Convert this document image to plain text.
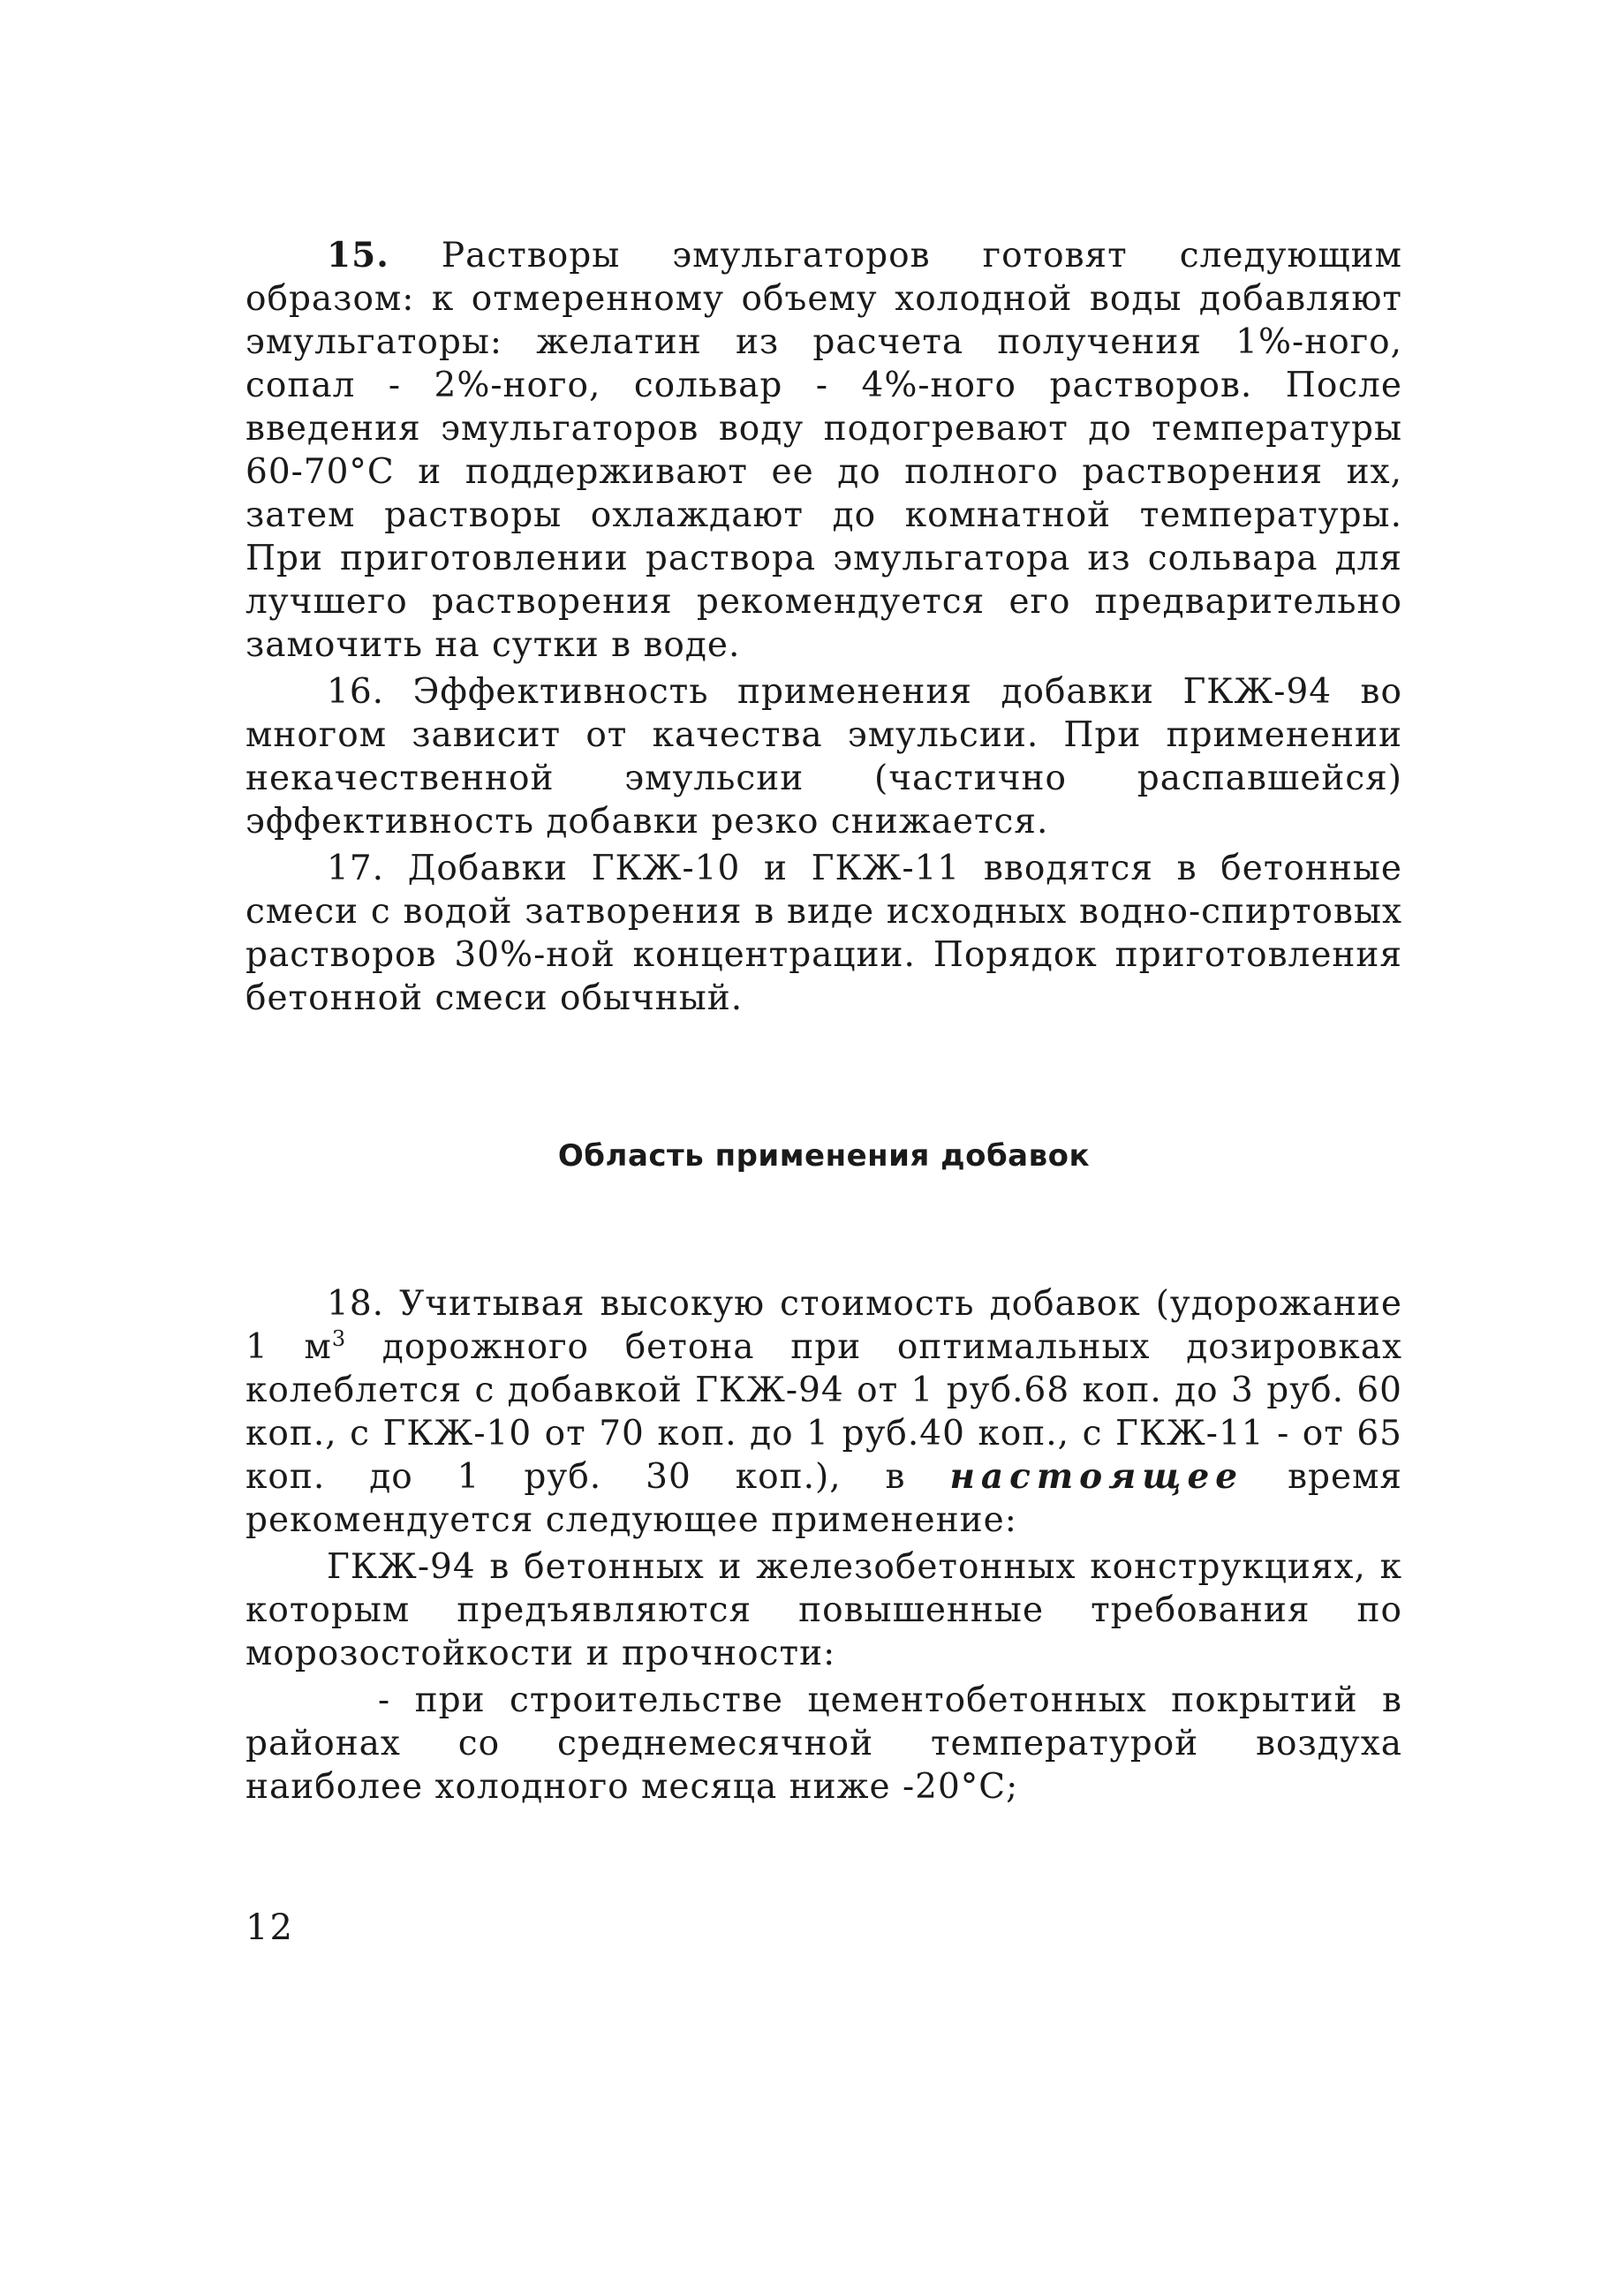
15. Растворы эмульгаторов готовят следующим образом: к отмеренному объему холодной воды добавляют эмульгаторы: желатин из расчета получения 1%-ного, сопал - 2%-ного, сольвар - 4%-ного растворов. После введения эмульгаторов воду подогревают до температуры 60-70°С и поддерживают ее до полного растворения их, затем растворы охлаждают до комнатной температуры. При приготовлении раствора эмульгатора из сольвара для лучшего растворения рекомендуется его предварительно замочить на сутки в воде.

16. Эффективность применения добавки ГКЖ-94 во многом зависит от качества эмульсии. При применении некачественной эмульсии (частично распавшейся) эффективность добавки резко снижается.

17. Добавки ГКЖ-10 и ГКЖ-11 вводятся в бетонные смеси с водой затворения в виде исходных водно-спиртовых растворов 30%-ной концентрации. Порядок приготовления бетонной смеси обычный.

Область применения добавок

18. Учитывая высокую стоимость добавок (удорожание 1 $м^3$ дорожного бетона при оптимальных дозировках колеблется с добавкой ГКЖ-94 от 1 руб.68 коп. до 3 руб. 60 коп., с ГКЖ-10 от 70 коп. до 1 руб.40 коп., с ГКЖ-11 - от 65 коп. до 1 руб. 30 коп.), в настоящее время рекомендуется следующее применение:

ГКЖ-94 в бетонных и железобетонных конструкциях, к которым предъявляются повышенные требования по морозостойкости и прочности:

- при строительстве цементобетонных покрытий в районах со среднемесячной температурой воздуха наиболее холодного месяца ниже -20°С;

12
